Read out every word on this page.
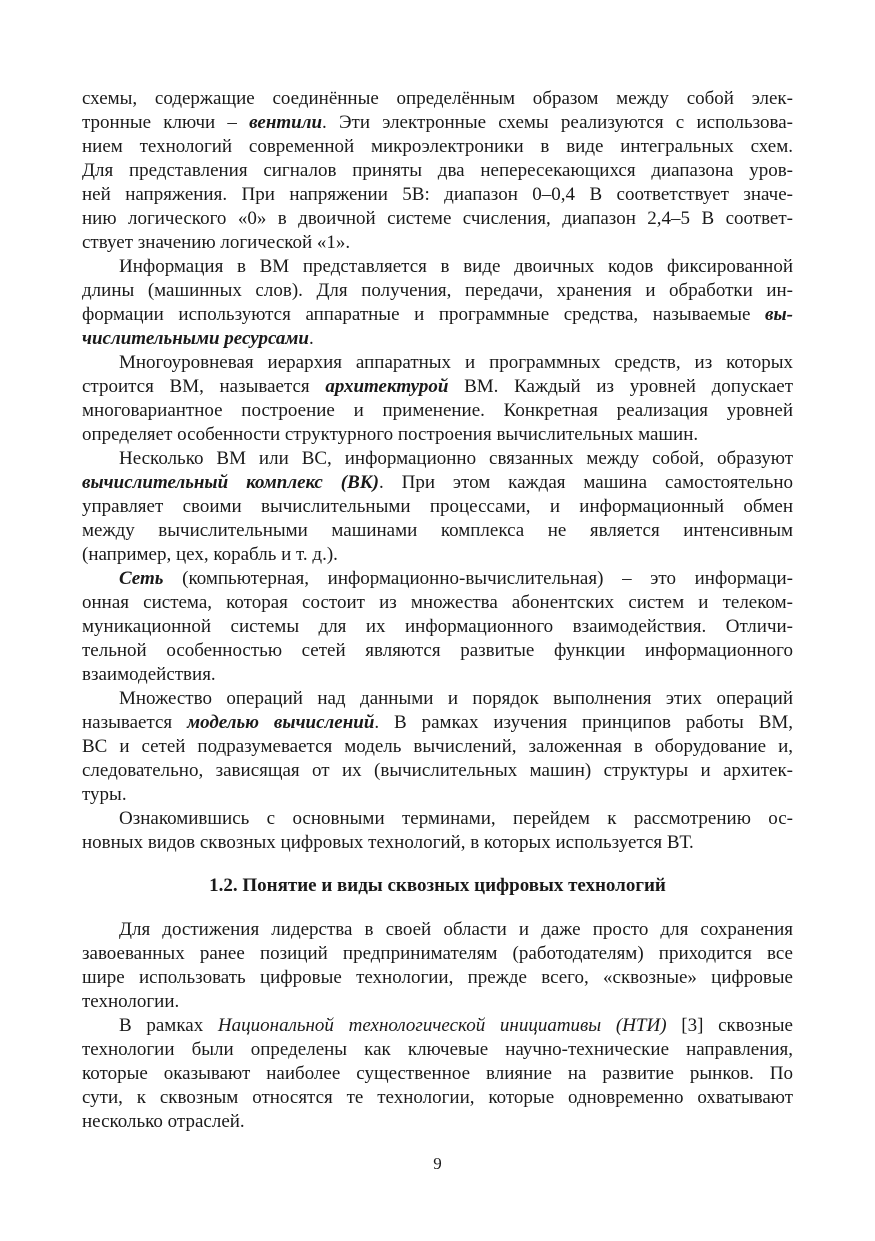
схемы, содержащие соединённые определённым образом между собой элек-
тронные ключи – вентили. Эти электронные схемы реализуются с использова-
нием технологий современной микроэлектроники в виде интегральных схем.
Для представления сигналов приняты два непересекающихся диапазона уров-
ней напряжения. При напряжении 5В: диапазон 0–0,4 В соответствует значе-
нию логического «0» в двоичной системе счисления, диапазон 2,4–5 В соответ-
ствует значению логической «1».
Информация в ВМ представляется в виде двоичных кодов фиксированной
длины (машинных слов). Для получения, передачи, хранения и обработки ин-
формации используются аппаратные и программные средства, называемые вы-
числительными ресурсами.
Многоуровневая иерархия аппаратных и программных средств, из которых
строится ВМ, называется архитектурой ВМ. Каждый из уровней допускает
многовариантное построение и применение. Конкретная реализация уровней
определяет особенности структурного построения вычислительных машин.
Несколько ВМ или ВС, информационно связанных между собой, образуют
вычислительный комплекс (ВК). При этом каждая машина самостоятельно
управляет своими вычислительными процессами, и информационный обмен
между вычислительными машинами комплекса не является интенсивным
(например, цех, корабль и т. д.).
Сеть (компьютерная, информационно-вычислительная) – это информаци-
онная система, которая состоит из множества абонентских систем и телеком-
муникационной системы для их информационного взаимодействия. Отличи-
тельной особенностью сетей являются развитые функции информационного
взаимодействия.
Множество операций над данными и порядок выполнения этих операций
называется моделью вычислений. В рамках изучения принципов работы ВМ,
ВС и сетей подразумевается модель вычислений, заложенная в оборудование и,
следовательно, зависящая от их (вычислительных машин) структуры и архитек-
туры.
Ознакомившись с основными терминами, перейдем к рассмотрению ос-
новных видов сквозных цифровых технологий, в которых используется ВТ.
1.2. Понятие и виды сквозных цифровых технологий
Для достижения лидерства в своей области и даже просто для сохранения
завоеванных ранее позиций предпринимателям (работодателям) приходится все
шире использовать цифровые технологии, прежде всего, «сквозные» цифровые
технологии.
В рамках Национальной технологической инициативы (НТИ) [3] сквозные
технологии были определены как ключевые научно-технические направления,
которые оказывают наиболее существенное влияние на развитие рынков. По
сути, к сквозным относятся те технологии, которые одновременно охватывают
несколько отраслей.
9
